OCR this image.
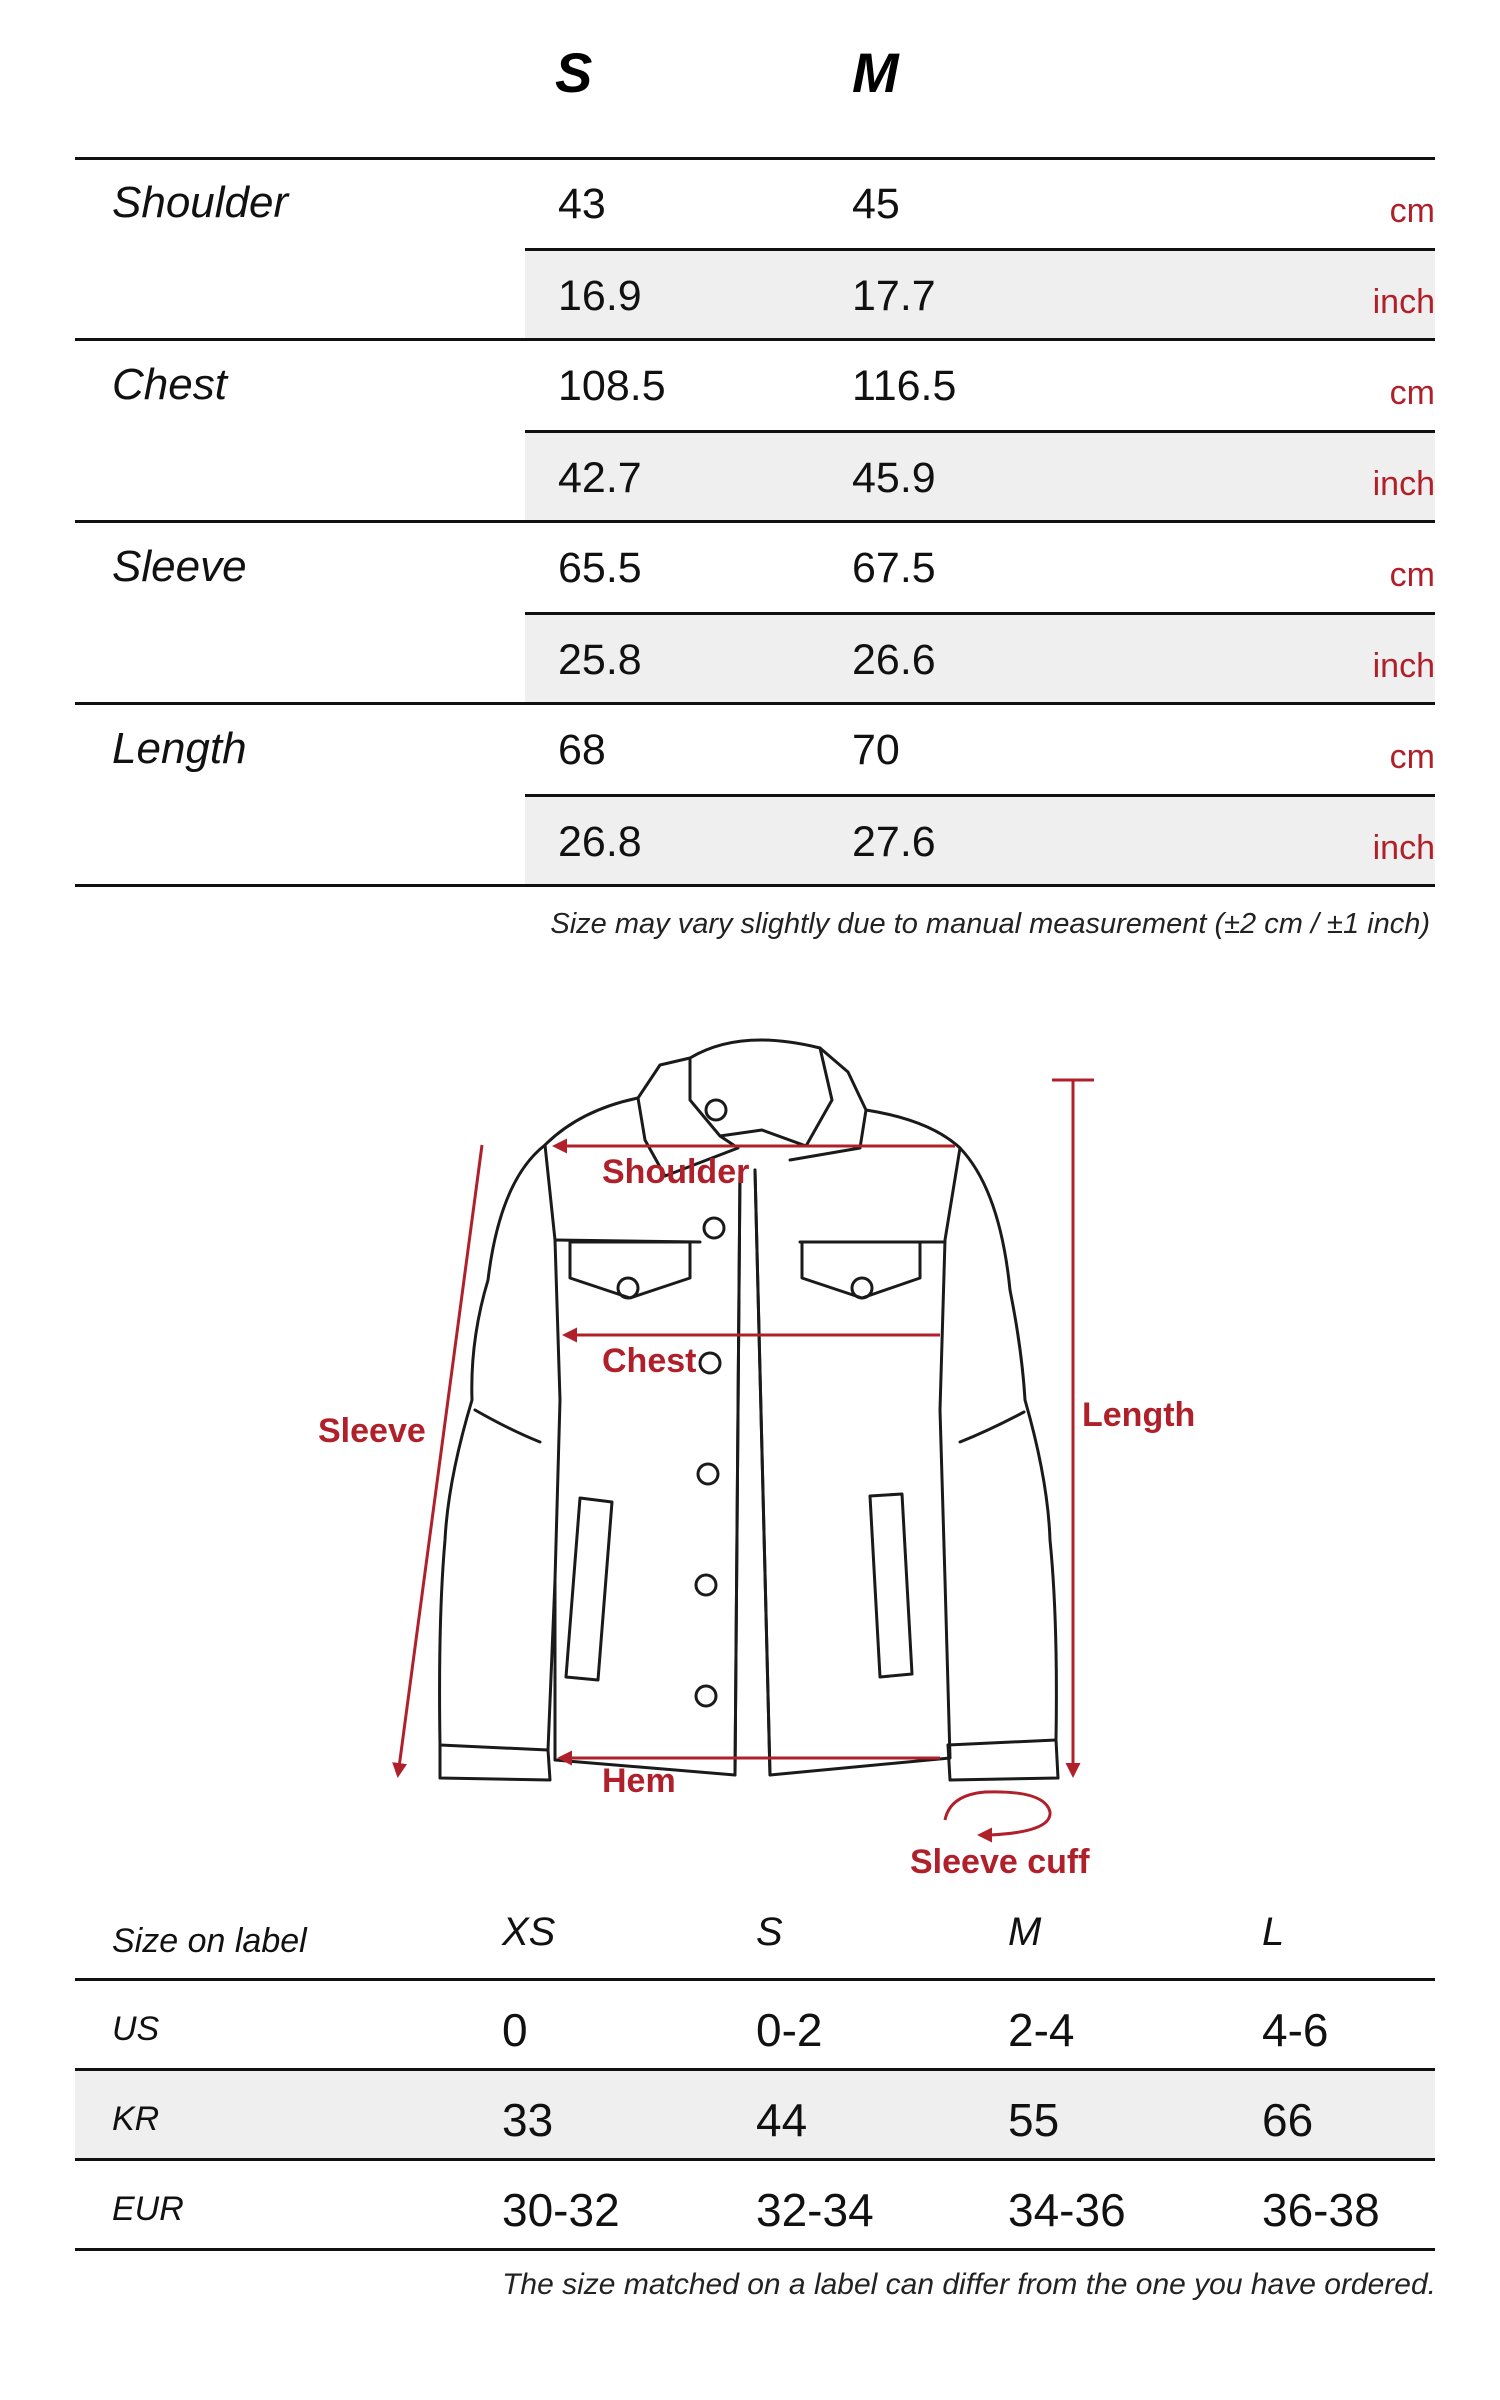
S	M
Shoulder	43	45	cm
16.9	17.7	inch
Chest	108.5	116.5	cm
42.7	45.9	inch
Sleeve	65.5	67.5	cm
25.8	26.6	inch
Length	68	70	cm
26.8	27.6	inch
Size may vary slightly due to manual measurement (±2 cm / ±1 inch)
Shoulder
Chest
Sleeve	Length
Hem
Sleeve cuff
Size on label	XS	S	M	L
US	0	0-2	2-4	4-6
KR	33	44	55	66
EUR	30-32	32-34	34-36	36-38
The size matched on a label can differ from the one you have ordered.
